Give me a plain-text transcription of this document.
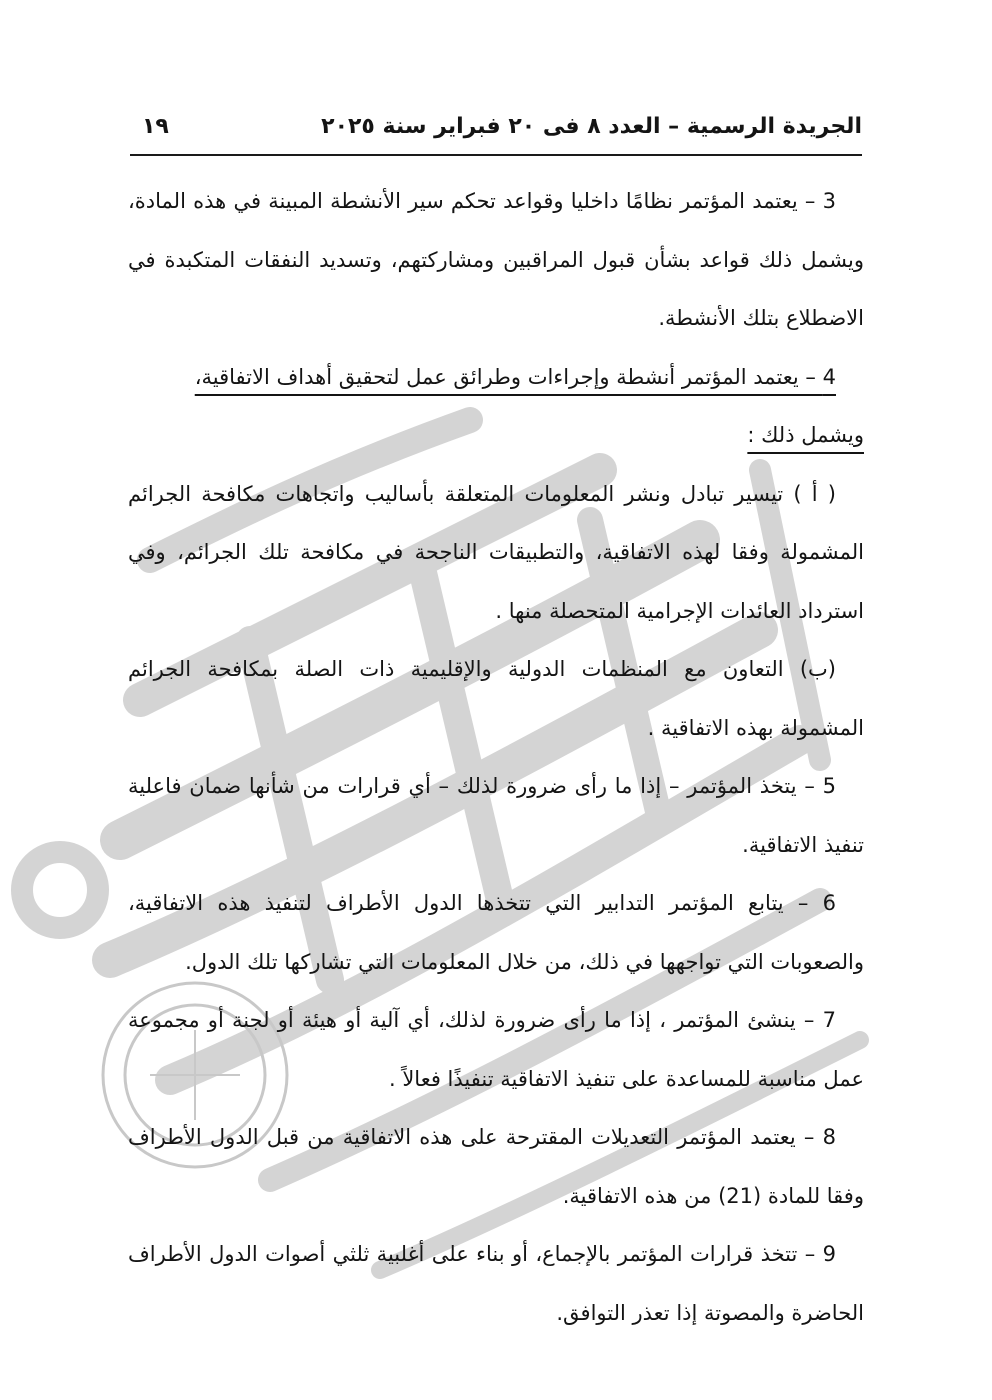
الجريدة الرسمية – العدد ٨ فى ٢٠ فبراير سنة ٢٠٢٥
١٩

3 – يعتمد المؤتمر نظامًا داخليا وقواعد تحكم سير الأنشطة المبينة في هذه المادة، ويشمل ذلك قواعد بشأن قبول المراقبين ومشاركتهم، وتسديد النفقات المتكبدة في الاضطلاع بتلك الأنشطة.

4 – يعتمد المؤتمر أنشطة وإجراءات وطرائق عمل لتحقيق أهداف الاتفاقية،

ويشمل ذلك :

( أ ) تيسير تبادل ونشر المعلومات المتعلقة بأساليب واتجاهات مكافحة الجرائم المشمولة وفقا لهذه الاتفاقية، والتطبيقات الناجحة في مكافحة تلك الجرائم، وفي استرداد العائدات الإجرامية المتحصلة منها .

(ب) التعاون مع المنظمات الدولية والإقليمية ذات الصلة بمكافحة الجرائم المشمولة بهذه الاتفاقية .

5 – يتخذ المؤتمر – إذا ما رأى ضرورة لذلك – أي قرارات من شأنها ضمان فاعلية تنفيذ الاتفاقية.

6 – يتابع المؤتمر التدابير التي تتخذها الدول الأطراف لتنفيذ هذه الاتفاقية، والصعوبات التي تواجهها في ذلك، من خلال المعلومات التي تشاركها تلك الدول.

7 – ينشئ المؤتمر ، إذا ما رأى ضرورة لذلك، أي آلية أو هيئة أو لجنة أو مجموعة عمل مناسبة للمساعدة على تنفيذ الاتفاقية تنفيذًا فعالاً .

8 – يعتمد المؤتمر التعديلات المقترحة على هذه الاتفاقية من قبل الدول الأطراف وفقا للمادة (21) من هذه الاتفاقية.

9 – تتخذ قرارات المؤتمر بالإجماع، أو بناء على أغلبية ثلثي أصوات الدول الأطراف الحاضرة والمصوتة إذا تعذر التوافق.
